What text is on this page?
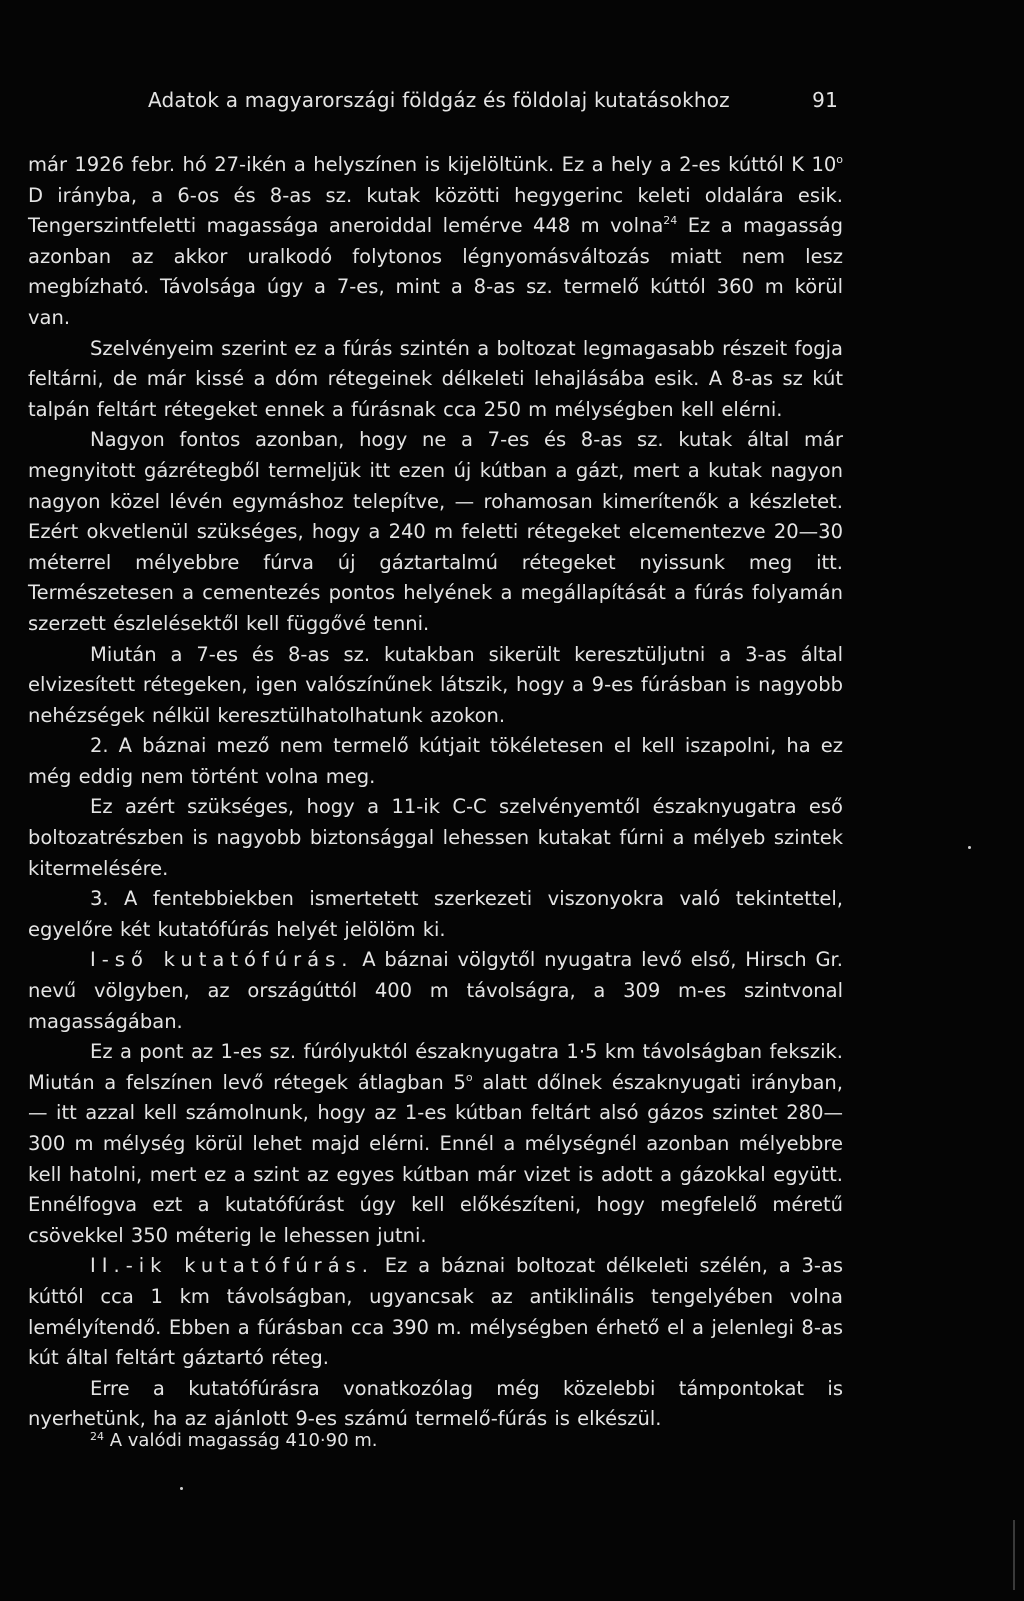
Adatok a magyarországi földgáz és földolaj kutatásokhoz	91

már 1926 febr. hó 27-ikén a helyszínen is kijelöltünk. Ez a hely a 2-es kúttól K 10$^o$ D irányba, a 6-os és 8-as sz. kutak közötti hegygerinc keleti oldalára esik. Tengerszintfeletti magassága aneroiddal lemérve 448 m volna$^{24}$ Ez a magasság azonban az akkor uralkodó folytonos légnyomásváltozás miatt nem lesz megbízható. Távolsága úgy a 7-es, mint a 8-as sz. termelő kúttól 360 m körül van.

Szelvényeim szerint ez a fúrás szintén a boltozat legmagasabb részeit fogja feltárni, de már kissé a dóm rétegeinek délkeleti lehajlásába esik. A 8-as sz kút talpán feltárt rétegeket ennek a fúrásnak cca 250 m mélységben kell elérni.

Nagyon fontos azonban, hogy ne a 7-es és 8-as sz. kutak által már megnyitott gázrétegből termeljük itt ezen új kútban a gázt, mert a kutak nagyon nagyon közel lévén egymáshoz telepítve, — rohamosan kimerítenők a készletet. Ezért okvetlenül szükséges, hogy a 240 m feletti rétegeket elcementezve 20—30 méterrel mélyebbre fúrva új gáztartalmú rétegeket nyissunk meg itt. Természetesen a cementezés pontos helyének a megállapítását a fúrás folyamán szerzett észlelésektől kell függővé tenni.

Miután a 7-es és 8-as sz. kutakban sikerült keresztüljutni a 3-as által elvizesített rétegeken, igen valószínűnek látszik, hogy a 9-es fúrásban is nagyobb nehézségek nélkül keresztülhatolhatunk azokon.

2. A báznai mező nem termelő kútjait tökéletesen el kell iszapolni, ha ez még eddig nem történt volna meg.

Ez azért szükséges, hogy a 11-ik C-C szelvényemtől északnyugatra eső boltozatrészben is nagyobb biztonsággal lehessen kutakat fúrni a mélyeb szintek kitermelésére.

3. A fentebbiekben ismertetett szerkezeti viszonyokra való tekintettel, egyelőre két kutatófúrás helyét jelölöm ki.

I-ső kutatófúrás. A báznai völgytől nyugatra levő első, Hirsch Gr. nevű völgyben, az országúttól 400 m távolságra, a 309 m-es szintvonal magasságában.

Ez a pont az 1-es sz. fúrólyuktól északnyugatra 1·5 km távolságban fekszik. Miután a felszínen levő rétegek átlagban 5$^o$ alatt dőlnek északnyugati irányban, — itt azzal kell számolnunk, hogy az 1-es kútban feltárt alsó gázos szintet 280—300 m mélység körül lehet majd elérni. Ennél a mélységnél azonban mélyebbre kell hatolni, mert ez a szint az egyes kútban már vizet is adott a gázokkal együtt. Ennélfogva ezt a kutatófúrást úgy kell előkészíteni, hogy megfelelő méretű csövekkel 350 méterig le lehessen jutni.

II.-ik kutatófúrás. Ez a báznai boltozat délkeleti szélén, a 3-as kúttól cca 1 km távolságban, ugyancsak az antiklinális tengelyében volna lemélyítendő. Ebben a fúrásban cca 390 m. mélységben érhető el a jelenlegi 8-as kút által feltárt gáztartó réteg.

Erre a kutatófúrásra vonatkozólag még közelebbi támpontokat is nyerhetünk, ha az ajánlott 9-es számú termelő-fúrás is elkészül.

$^{24}$ A valódi magasság 410·90 m.
